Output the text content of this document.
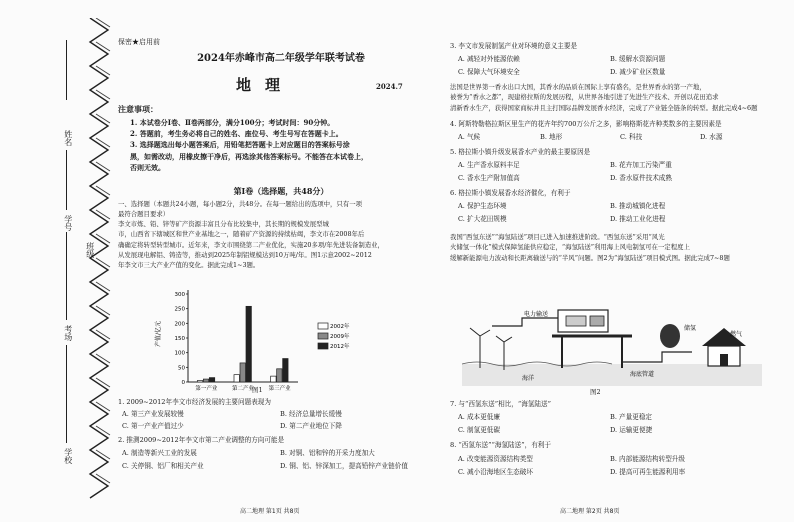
姓名
学号
班级
考场
学校
保密★启用前
2024年赤峰市高二年级学年联考试卷
地理	2024.7
注意事项：
1. 本试卷分Ⅰ卷、Ⅱ卷两部分，满分100分；考试时间：90分钟。
2. 答题前，考生务必将自己的姓名、座位号、考生号写在答题卡上。
3. 选择题选出每小题答案后，用铅笔把答题卡上对应题目的答案标号涂
黑，如需改动，用橡皮擦干净后，再选涂其他答案标号。不能答在本试卷上，
否则无效。
第Ⅰ卷（选择题，共48分）
一、选择题（本题共24小题，每小题2分，共48分。在每一题给出的选项中，只有一项
最符合题目要求）
李文市炼、铅、锌等矿产资源丰富且分布比较集中，其长期的规模发展型城
市，山西省下辖城区和世产业基地之一，随着矿产资源的持续枯竭，李文市在2008年后
确确定将转型转型城市。近年来，李文市围绕第二产业优化，实施20多项/年先进装备制造业，
从发展现电解铝、铸造等，推动到2025年制铝规模达到10万吨/年。图1示意2002~2012
年李文市三大产业产值的变化。据此完成1~3题。
0
50
100
150
200
250
300
产值/亿元
第一产业	第二产业	第三产业
2002年
2009年
2012年
图1
1. 2009~2012年李文市经济发展的主要问题表现为
A. 第三产业发展较慢	B. 经济总量增长缓慢
C. 第一产业产值过少	D. 第二产业地位下降
2. 推测2009~2012年李文市第二产业调整的方向可能是
A. 制造等新兴工业的发展	B. 对铜、铝和锌的开采力度加大
C. 关停铜、铝厂和相关产业	D. 铜、铝、锌深加工，提高铅锌产业链价值
3. 李文市发展制氢产业对环境的意义主要是
A. 减轻对外能源依赖	B. 缓解水资源问题
C. 保障大气环境安全	D. 减少矿业区数量
法国是世界第一香水出口大国，其香水的品质在国际上享有盛名，是世界香水的第一产地，
被誉为“香水之都”，现建格拉斯的发展历程，从世界各地引进了先进生产技术、开创以花田追求
清新香水生产，获得国家商标并且主打国际品牌发展香水经济，完成了产业链全链条的转型。据此完成4~6题
4. 阿斯特勒格拉斯区里生产的花卉年约700万公斤之多，影响格斯花卉种类数多的主要因素是
A. 气候	B. 地形	C. 科技	D. 水源
5. 格拉斯小镇升级发展香水产业的最主要原因是
A. 生产香水原料丰足	B. 花卉加工污染严重
C. 香水生产附加值高	D. 香水原件技术成熟
6. 格拉斯小镇发展香水经济催化，有利于
A. 保护生态环境	B. 推动城镇化进程
C. 扩大花田规模	D. 推动工业化进程
我国“西氢东送”“海氢陆送”项目已进入加速推进阶段。“西氢东送”采用“风光
火储氢一体化”模式保障氢能供应稳定，“海氢陆送”利用海上风电制氢可在一定程度上
缓解新能源电力波动和长距离输送与的“半风”问题。图2为“海氢陆送”项目模式图。据此完成7~8题
电力输送
海底管道
海洋
储氢
燃气
图2
7. 与“西氢东送”相比，“海氢陆送”
A. 成本更低廉	B. 产量更稳定
C. 制氢更低碳	D. 运输更便捷
8. “西氢东送”“海氢陆送”，有利于
A. 改变能源资源结构类型	B. 内部能源结构转型升级
C. 减小沿海地区生态破坏	D. 提高可再生能源利用率
高二地理 第1页 共8页	高二地理 第2页 共8页
